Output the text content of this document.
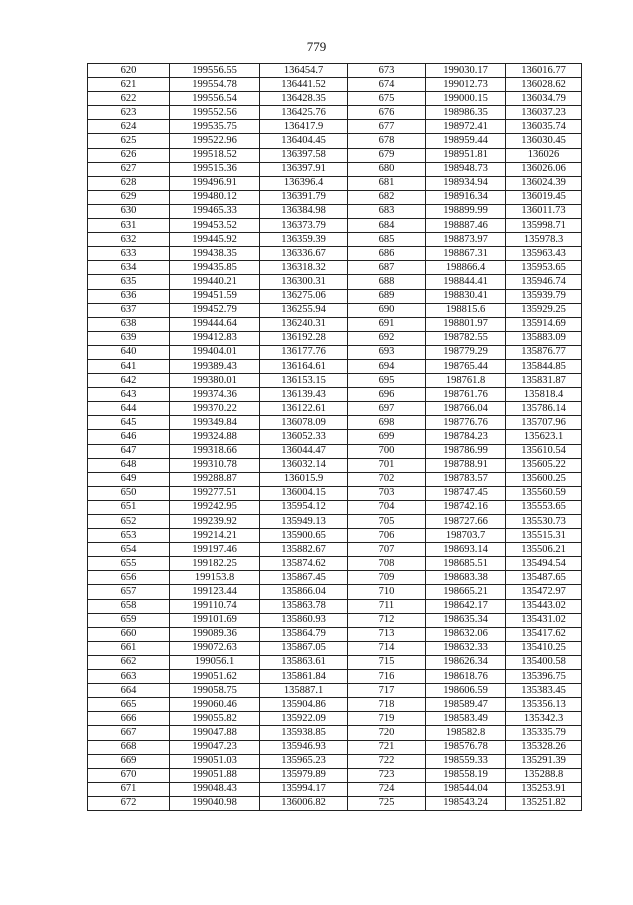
779
620	199556.55	136454.7	673	199030.17	136016.77
621	199554.78	136441.52	674	199012.73	136028.62
622	199556.54	136428.35	675	199000.15	136034.79
623	199552.56	136425.76	676	198986.35	136037.23
624	199535.75	136417.9	677	198972.41	136035.74
625	199522.96	136404.45	678	198959.44	136030.45
626	199518.52	136397.58	679	198951.81	136026
627	199515.36	136397.91	680	198948.73	136026.06
628	199496.91	136396.4	681	198934.94	136024.39
629	199480.12	136391.79	682	198916.34	136019.45
630	199465.33	136384.98	683	198899.99	136011.73
631	199453.52	136373.79	684	198887.46	135998.71
632	199445.92	136359.39	685	198873.97	135978.3
633	199438.35	136336.67	686	198867.31	135963.43
634	199435.85	136318.32	687	198866.4	135953.65
635	199440.21	136300.31	688	198844.41	135946.74
636	199451.59	136275.06	689	198830.41	135939.79
637	199452.79	136255.94	690	198815.6	135929.25
638	199444.64	136240.31	691	198801.97	135914.69
639	199412.83	136192.28	692	198782.55	135883.09
640	199404.01	136177.76	693	198779.29	135876.77
641	199389.43	136164.61	694	198765.44	135844.85
642	199380.01	136153.15	695	198761.8	135831.87
643	199374.36	136139.43	696	198761.76	135818.4
644	199370.22	136122.61	697	198766.04	135786.14
645	199349.84	136078.09	698	198776.76	135707.96
646	199324.88	136052.33	699	198784.23	135623.1
647	199318.66	136044.47	700	198786.99	135610.54
648	199310.78	136032.14	701	198788.91	135605.22
649	199288.87	136015.9	702	198783.57	135600.25
650	199277.51	136004.15	703	198747.45	135560.59
651	199242.95	135954.12	704	198742.16	135553.65
652	199239.92	135949.13	705	198727.66	135530.73
653	199214.21	135900.65	706	198703.7	135515.31
654	199197.46	135882.67	707	198693.14	135506.21
655	199182.25	135874.62	708	198685.51	135494.54
656	199153.8	135867.45	709	198683.38	135487.65
657	199123.44	135866.04	710	198665.21	135472.97
658	199110.74	135863.78	711	198642.17	135443.02
659	199101.69	135860.93	712	198635.34	135431.02
660	199089.36	135864.79	713	198632.06	135417.62
661	199072.63	135867.05	714	198632.33	135410.25
662	199056.1	135863.61	715	198626.34	135400.58
663	199051.62	135861.84	716	198618.76	135396.75
664	199058.75	135887.1	717	198606.59	135383.45
665	199060.46	135904.86	718	198589.47	135356.13
666	199055.82	135922.09	719	198583.49	135342.3
667	199047.88	135938.85	720	198582.8	135335.79
668	199047.23	135946.93	721	198576.78	135328.26
669	199051.03	135965.23	722	198559.33	135291.39
670	199051.88	135979.89	723	198558.19	135288.8
671	199048.43	135994.17	724	198544.04	135253.91
672	199040.98	136006.82	725	198543.24	135251.82
